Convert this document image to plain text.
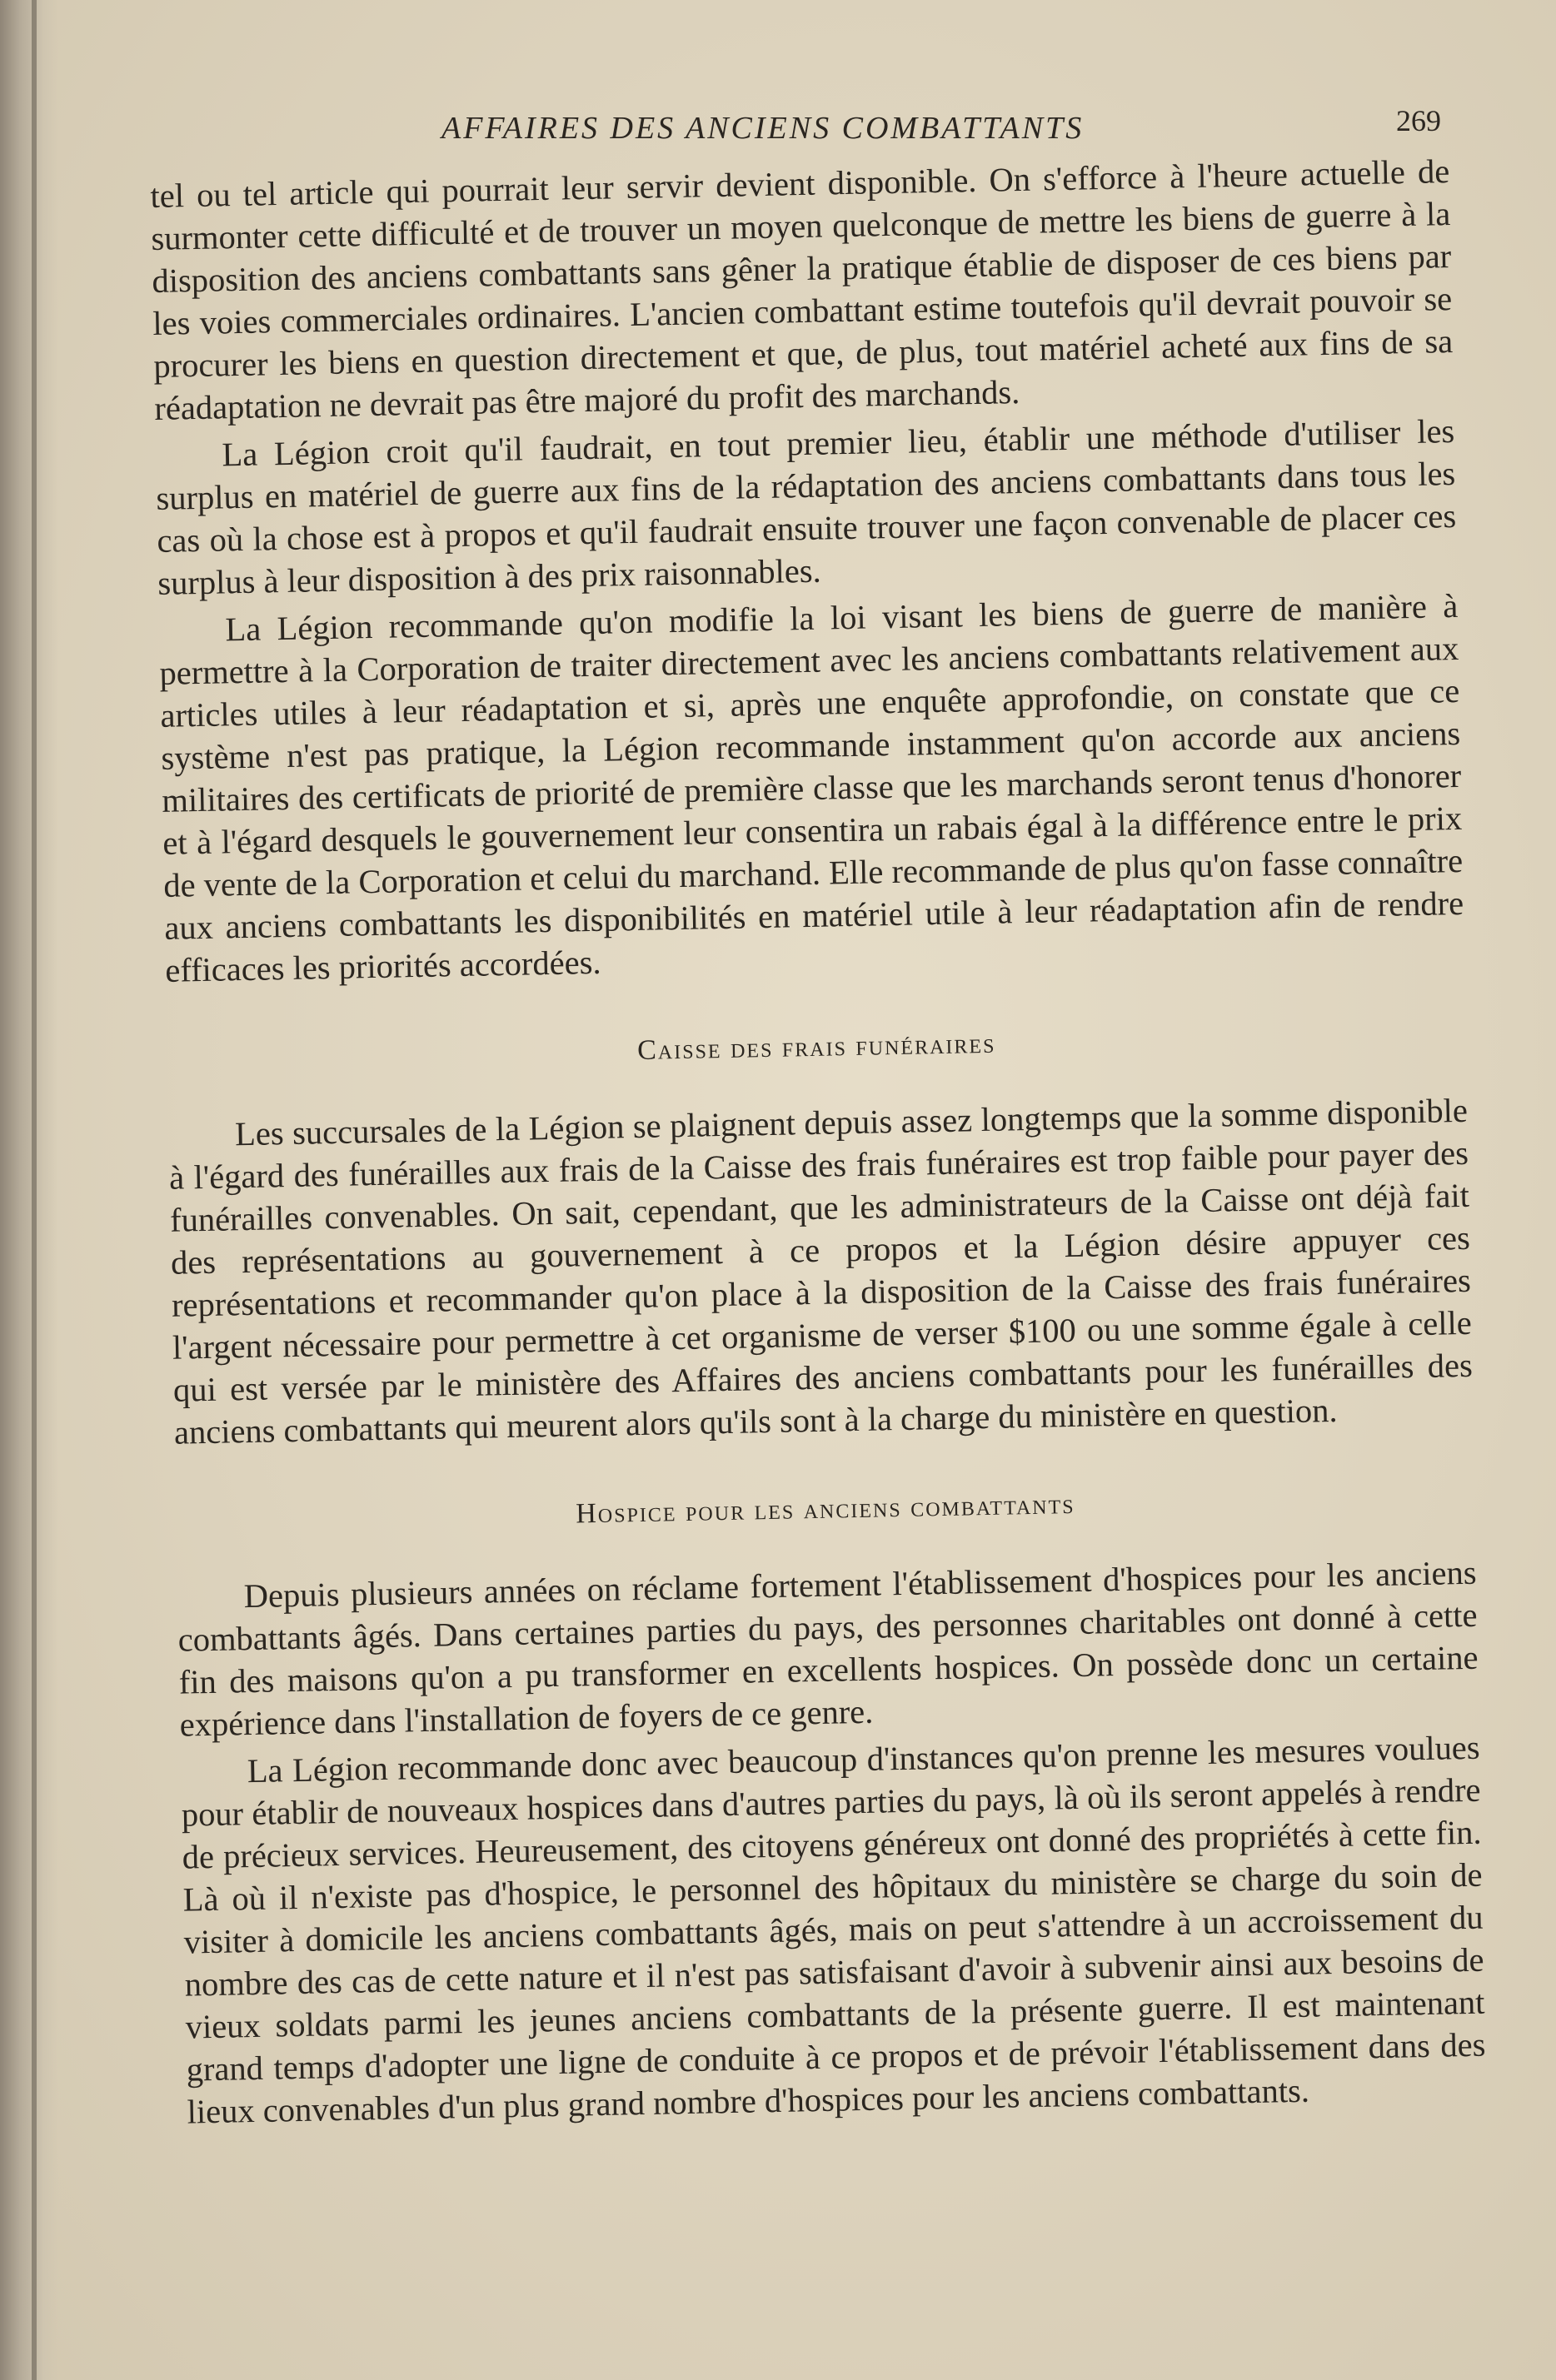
AFFAIRES DES ANCIENS COMBATTANTS	269

tel ou tel article qui pourrait leur servir devient disponible. On s'efforce à l'heure actuelle de surmonter cette difficulté et de trouver un moyen quelconque de mettre les biens de guerre à la disposition des anciens combattants sans gêner la pratique établie de disposer de ces biens par les voies commerciales ordinaires. L'ancien combattant estime toutefois qu'il devrait pouvoir se procurer les biens en question directement et que, de plus, tout matériel acheté aux fins de sa réadaptation ne devrait pas être majoré du profit des marchands.

La Légion croit qu'il faudrait, en tout premier lieu, établir une méthode d'utiliser les surplus en matériel de guerre aux fins de la rédaptation des anciens combattants dans tous les cas où la chose est à propos et qu'il faudrait ensuite trouver une façon convenable de placer ces surplus à leur disposition à des prix raisonnables.

La Légion recommande qu'on modifie la loi visant les biens de guerre de manière à permettre à la Corporation de traiter directement avec les anciens combattants relativement aux articles utiles à leur réadaptation et si, après une enquête approfondie, on constate que ce système n'est pas pratique, la Légion recommande instamment qu'on accorde aux anciens militaires des certificats de priorité de première classe que les marchands seront tenus d'honorer et à l'égard desquels le gouvernement leur consentira un rabais égal à la différence entre le prix de vente de la Corporation et celui du marchand. Elle recommande de plus qu'on fasse connaître aux anciens combattants les disponibilités en matériel utile à leur réadaptation afin de rendre efficaces les priorités accordées.

Caisse des frais funéraires

Les succursales de la Légion se plaignent depuis assez longtemps que la somme disponible à l'égard des funérailles aux frais de la Caisse des frais funéraires est trop faible pour payer des funérailles convenables. On sait, cependant, que les administrateurs de la Caisse ont déjà fait des représentations au gouvernement à ce propos et la Légion désire appuyer ces représentations et recommander qu'on place à la disposition de la Caisse des frais funéraires l'argent nécessaire pour permettre à cet organisme de verser $100 ou une somme égale à celle qui est versée par le ministère des Affaires des anciens combattants pour les funérailles des anciens combattants qui meurent alors qu'ils sont à la charge du ministère en question.

Hospice pour les anciens combattants

Depuis plusieurs années on réclame fortement l'établissement d'hospices pour les anciens combattants âgés. Dans certaines parties du pays, des personnes charitables ont donné à cette fin des maisons qu'on a pu transformer en excellents hospices. On possède donc un certaine expérience dans l'installation de foyers de ce genre.

La Légion recommande donc avec beaucoup d'instances qu'on prenne les mesures voulues pour établir de nouveaux hospices dans d'autres parties du pays, là où ils seront appelés à rendre de précieux services. Heureusement, des citoyens généreux ont donné des propriétés à cette fin. Là où il n'existe pas d'hospice, le personnel des hôpitaux du ministère se charge du soin de visiter à domicile les anciens combattants âgés, mais on peut s'attendre à un accroissement du nombre des cas de cette nature et il n'est pas satisfaisant d'avoir à subvenir ainsi aux besoins de vieux soldats parmi les jeunes anciens combattants de la présente guerre. Il est maintenant grand temps d'adopter une ligne de conduite à ce propos et de prévoir l'établissement dans des lieux convenables d'un plus grand nombre d'hospices pour les anciens combattants.
